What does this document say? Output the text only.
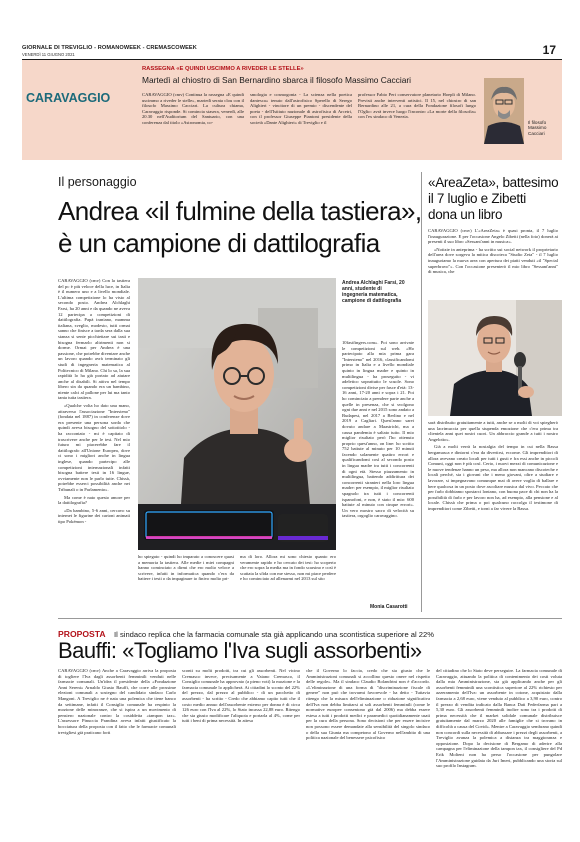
GIORNALE DI TREVIGLIO - ROMANOWEEK - CREMASCOWEEK
VENERDÌ 11 GIUGNO 2021	17
CARAVAGGIO
RASSEGNA «E QUINDI USCIMMO A RIVEDER LE STELLE»
Martedì al chiostro di San Bernardino sbarca il filosofo Massimo Cacciari
CARAVAGGIO (cmv) Continua la rassegna «E quindi uscimmo a riveder le stelle», martedì serata clou con il filosofo Massimo Cacciari. La cultura chiama, Caravaggio risponde. Si comincia stasera, venerdì, alle 20.30 nell'Auditorium del Santuario, con una conferenza dal titolo «Astronomia, co-
smologia e cosmogonia - La scienza nella poetica dantesca» tenuto dall'astrofisico Sperello di Serego Alighieri - vincitore di un premio - discendente del poeta - dell'Istituto nazionale di astrofisica di Arcetri, con il professor Giuseppe Piantoni presidente della società «Dante Alighieri» di Treviglio e il
professor Fabio Peri conservatore planetario Hoepli di Milano. Previsti anche interventi artistici. Il 15, nel chiostro di san Bernardino alle 21, a cura della Fondazione filosofi lungo l'Oglio: avrà invece luogo l'incontro «La morte della filosofia» con l'ex sindaco di Venezia.
Il filosofo
Massimo
Cacciari
Il personaggio
Andrea «il fulmine della tastiera»,
è un campione di dattilografia

CARAVAGGIO (cmv) Con la tastiera del pc è più veloce della luce, in Italia è il numero uno e a livello mondiale. L'ultima competizione lo ha visto al secondo posto. Andrea Alchlaghi Farsi, ha 20 anni e da quando ne aveva 12 partecipa a competizioni di dattilografia. Papà iraniano, mamma italiana, sveglio, modesto, tutti ormai sanno che finisce a tarda sera dalla sua stanza si sente picchiettare sui tasti e bisogna fermarlo altrimenti non si dorme. Ormai per Andrea è una passione, che potrebbe diventare anche un lavoro quando avrà terminato gli studi di ingegneria matematica al Politecnico di Milano. Chi lo sa, la sua rapidità lo ha già portato ad aiutare anche al disabili. Si attiva nel tempo libero sin da quando era un bambino, niente calci al pallone per lui ma tanto tanta tutta tastiera.

«Qualche volta ho dato una mano, attraverso l'associazione "Intersteno" (fondata nel 1887) in conferenze dove era presente una persona sorda che quindi aveva bisogno del sottotitolo - ha raccontato - mi è capitato di trascrivere anche per le tesi. Nel mio futuro mi piacerebbe fare il dattilografo all'Unione Europea, dove ci sono i migliori anche in lingua inglese, quando partecipo alle competizioni internazionali infatti bisogna battere testi in 16 lingue, ovviamente non le parlo tutte. Chissà, potrebbe esserci possibilità anche nei Tribunali o in Parlamento».

Ma come è nato questo amore per la dattilografia?

«Da bambino, 5-6 anni, cercavo su internet le figurine dei cartoni animati tipo Pokémon -

Andrea Alchlaghi Farsi, 20 anni, studente di ingegneria matematica, campione di dattilografia
ho spiegato - quindi ho imparato a conoscere quasi a memoria la tastiera. Alle medie i miei compagni hanno cominciato a dirmi che ero molto veloce a scrivere, infatti in informatica quando c'era da battere i testi o da impaginare io finivo molto pri-
ma di loro. Allora mi sono chiesto quanto ero veramente rapido e ho cercato dei test: ho scoperto che ero sopra la media ma in fondo scarsino e così è scattata la sfida con me stesso, non mi piace perdere e ho cominciato ad allenarmi nel 2013 sul sito
10fastfingers.com». Poi sono arrivate le competizioni sul web. «Ho partecipato alla mia prima gara "Intersteno" nel 2016, classificandomi primo in Italia e a livello mondiale quinto in lingua madre e quinto in multilingua - ha proseguito - vi adeletico soprattutto le scuole. Sono competizioni divise per fasce d'età: 13-16 anni, 17-20 anni e sopra i 21. Poi ho cominciato a prendere parte anche a quelle in presenza, che si svolgono ogni due anni e nel 2015 sono andato a Budapest, nel 2017 a Berlino e nel 2019 a Cagliari. Quest'anno sarei dovuto andare a Maastricht, ma a causa pandemia è saltato tutto. Il mio miglior risultato però l'ho ottenuto proprio quest'anno, on line: ho scritto 752 battute al minuto per 10 minuti facendo solamente quattro errori e qualificandomi così al secondo posto in lingua madre tra tutti i concorrenti di ogni età. Stesso piazzamento in multilingua, battendo addirittura dei concorrenti stranieri nella loro lingua madre: per esempio, il miglior risultato spagnolo tra tutti i concorrenti ispanofoni, e non, è stato il mio: 600 battute al minuto con cinque errori». Un vero mostro sacro di velocità su tastiera, orgoglio caravaggino.
Monia Casarotti
«AreaZeta», battesimo
il 7 luglio e Zibetti
dona un libro

CARAVAGGIO (cmv) L'«AreaZeta» è quasi pronta, il 7 luglio l'inaugurazione. E per l'occasione Angelo Zibetti (nella foto) donerà ai presenti il suo libro «Sessant'anni in musica».

«Notizie in anteprima - ha scritto sui social network il proprietario dell'area dove sorgeva la mitica discoteca "Studio Zeta" - il 7 luglio inauguriamo la nuova area con apertura dei piatti venduti «il "Special superbravo"». Con l'occasione presenterò il mio libro "Sessant'anni" di musica, che

sarà distribuito gratuitamente a tutti, anche se a molti di voi spiegherò una lacrimuccia per quella stupenda emozione che c'era prima tra clientela anni quei nostri cuori. Un abbraccio grande a tutti i nostro Angelotto».

Già a molti verrà la nostalgia del tempo in cui nella Bassa bergamasca e dintorni c'era da divertirsi, eccome. Gli imprenditori di allora avevano creato locali per tutti i gusti e fra essi anche in piccoli Comuni, oggi non è più così. Certo, i nuovi mezzi di comunicazione e le nuove tendenze hanno un peso, ma allora non mancano discoteche e locali perché, sia i giovani che i meno giovani, oltre a studiare e lavorare, si impegnavano comunque mai di avere voglia di ballare e bere qualcosa in un posto dove ascoltare musica dal vivo. Peccato che per farlo dobbiamo spostarci lontano, con buona pace di chi non ha la possibilità di farlo e per lavoro non ha, ad esempio, alla pensione e al locale. Chissà che prima o poi qualcuno raccolga il testimone di imprenditori come Zibetti, e torni a far vivere la Bassa.

PROPOSTA Il sindaco replica che la farmacia comunale sta già applicando una scontistica superiore al 22%
Bauffi: «Togliamo l'Iva sugli assorbenti»
CARAVAGGIO (cmv) Anche a Caravaggio arriva la proposta di togliere l'Iva dagli assorbenti femminili venduti nelle farmacie comunali. Un'idea il presidente della «Fondazione Anni Sereni» Arnaldo Giusto Bauffi, che corre alle prossime elezioni comunali a sostegno del candidato sindaco Carlo Mangoni. A Treviglio ne è nata una polemica che tiene banco da settimane, infatti il Consiglio comunale ha respinto la mozione delle minoranze, che si ispira a un movimento di pensiero nazionale contro la cosiddetta «tampon tax». L'assessore Pinuccia Prandina aveva infatti giustificato la bocciatura della proposta con il fatto che le farmacie comunali trevigliesi già praticano forti
sconti su molti prodotti, tra cui gli assorbenti. Nel vicino Cremasco invece, precisamente a Vaiano Cremasco, il Consiglio comunale ha approvato (a pieno voti) la mozione e la farmacia comunale lo applicherà. Ai cittadini lo sconto del 22% del prezzo, dal prezzo al pubblico - di un pacchetto di assorbenti - ha scritto - Credo che abbiamo capito tutti che il costo medio annuo dell'assorbente esterno per donna è di circa 126 euro con l'Iva al 22%, lo Stato incassa 22,88 euro. Ritengo che sia giusto modificare l'aliquota e portarla al 4%, come per tutti i beni di prima necessità. In attesa
che il Governo lo faccia, credo che sia giusto che le Amministrazioni comunali si accollino questo onere nel rispetto delle regole». Ma il sindaco Claudio Bolandrini non è d'accordo. «L'eliminazione di una forma di "discriminazione fiscale di genere" non può che trovarmi favorevole - ha detto - Tuttavia ritengo che la misura dell'eliminazione o riduzione significativa dell'Iva non debba limitarsi ai soli assorbenti femminili (come le normative europee consentono già dal 2006) ma debba essere estesa a tutti i prodotti medici e paramedici quotidianamente usati per la cura della persona. Sono decisioni che per essere incisive non possono essere demandate alla sensibilità del singolo sindaco o della sua Giunta ma competono al Governo nell'ambito di una politica nazionale del benessere psicofisico
del cittadino che lo Stato deve perseguire. La farmacia comunale di Caravaggio, attuando la politica di contenimento dei costi voluta dalla mia Amministrazione, sta già applicando anche per gli assorbenti femminili una scontistica superiore al 22% richiesto per azzeramento dell'Iva: un assorbente in cotone, acquistato dalla farmacia a 2,68 euro, viene venduto al pubblico a 3,90 euro, contro il prezzo di vendita indicato dalla Banca Dati Federfarma pari a 5,30 euro. Gli assorbenti femminili inoltre sono tra i prodotti di prima necessità che il market solidale comunale distribuisce gratuitamente dal marzo 2020 alle famiglie che si trovano in difficoltà a causa del Covid». Mentre a Caravaggio sembrano quindi non concordi sulla necessità di abbassare i prezzi degli assorbenti, a Treviglio avanza la polemica a distanza tra maggioranza e opposizione. Dopo la decisione di Bergamo di aderire alla campagna per l'eliminazione della tampon tax, il consigliere del Pd Erik Molteni non ha perso l'occasione per pungolare l'Amministrazione guidata da Juri Imeri, pubblicando una storia sul suo profilo Instagram.
